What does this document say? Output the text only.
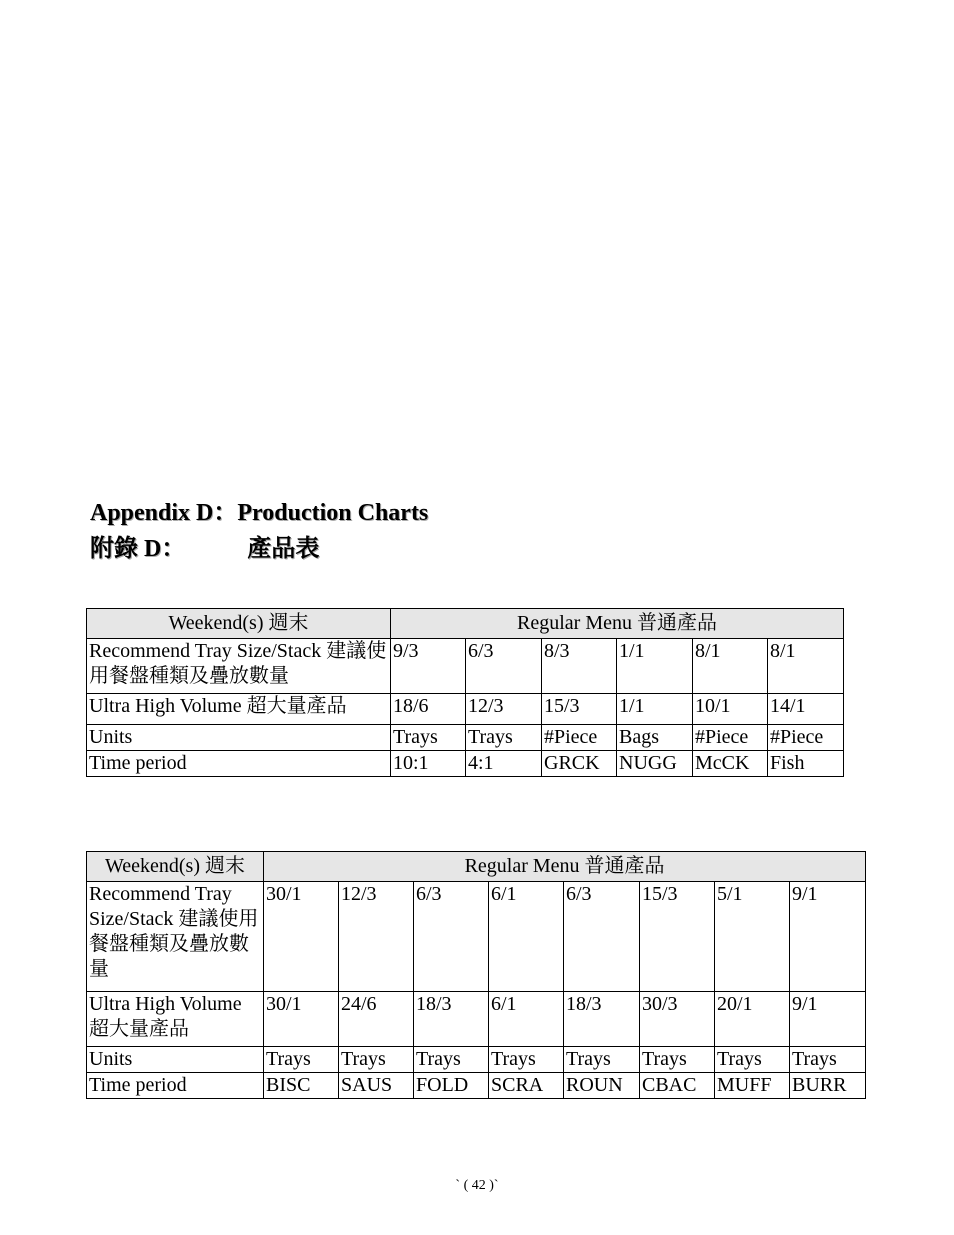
Appendix D：Production Charts
附錄 D：	產品表
Weekend(s) 週末	Regular Menu 普通產品					
Recommend Tray Size/Stack 建議使用餐盤種類及疊放數量	9/3	6/3	8/3	1/1	8/1	8/1
Ultra High Volume 超大量產品	18/6	12/3	15/3	1/1	10/1	14/1
Units	Trays	Trays	#Piece	Bags	#Piece	#Piece
Time period	10:1	4:1	GRCK	NUGG	McCK	Fish
Weekend(s) 週末	Regular Menu 普通產品							
Recommend Tray Size/Stack 建議使用餐盤種類及疊放數量	30/1	12/3	6/3	6/1	6/3	15/3	5/1	9/1
Ultra High Volume 超大量產品	30/1	24/6	18/3	6/1	18/3	30/3	20/1	9/1
Units	Trays	Trays	Trays	Trays	Trays	Trays	Trays	Trays
Time period	BISC	SAUS	FOLD	SCRA	ROUN	CBAC	MUFF	BURR
` ( 42 )`
